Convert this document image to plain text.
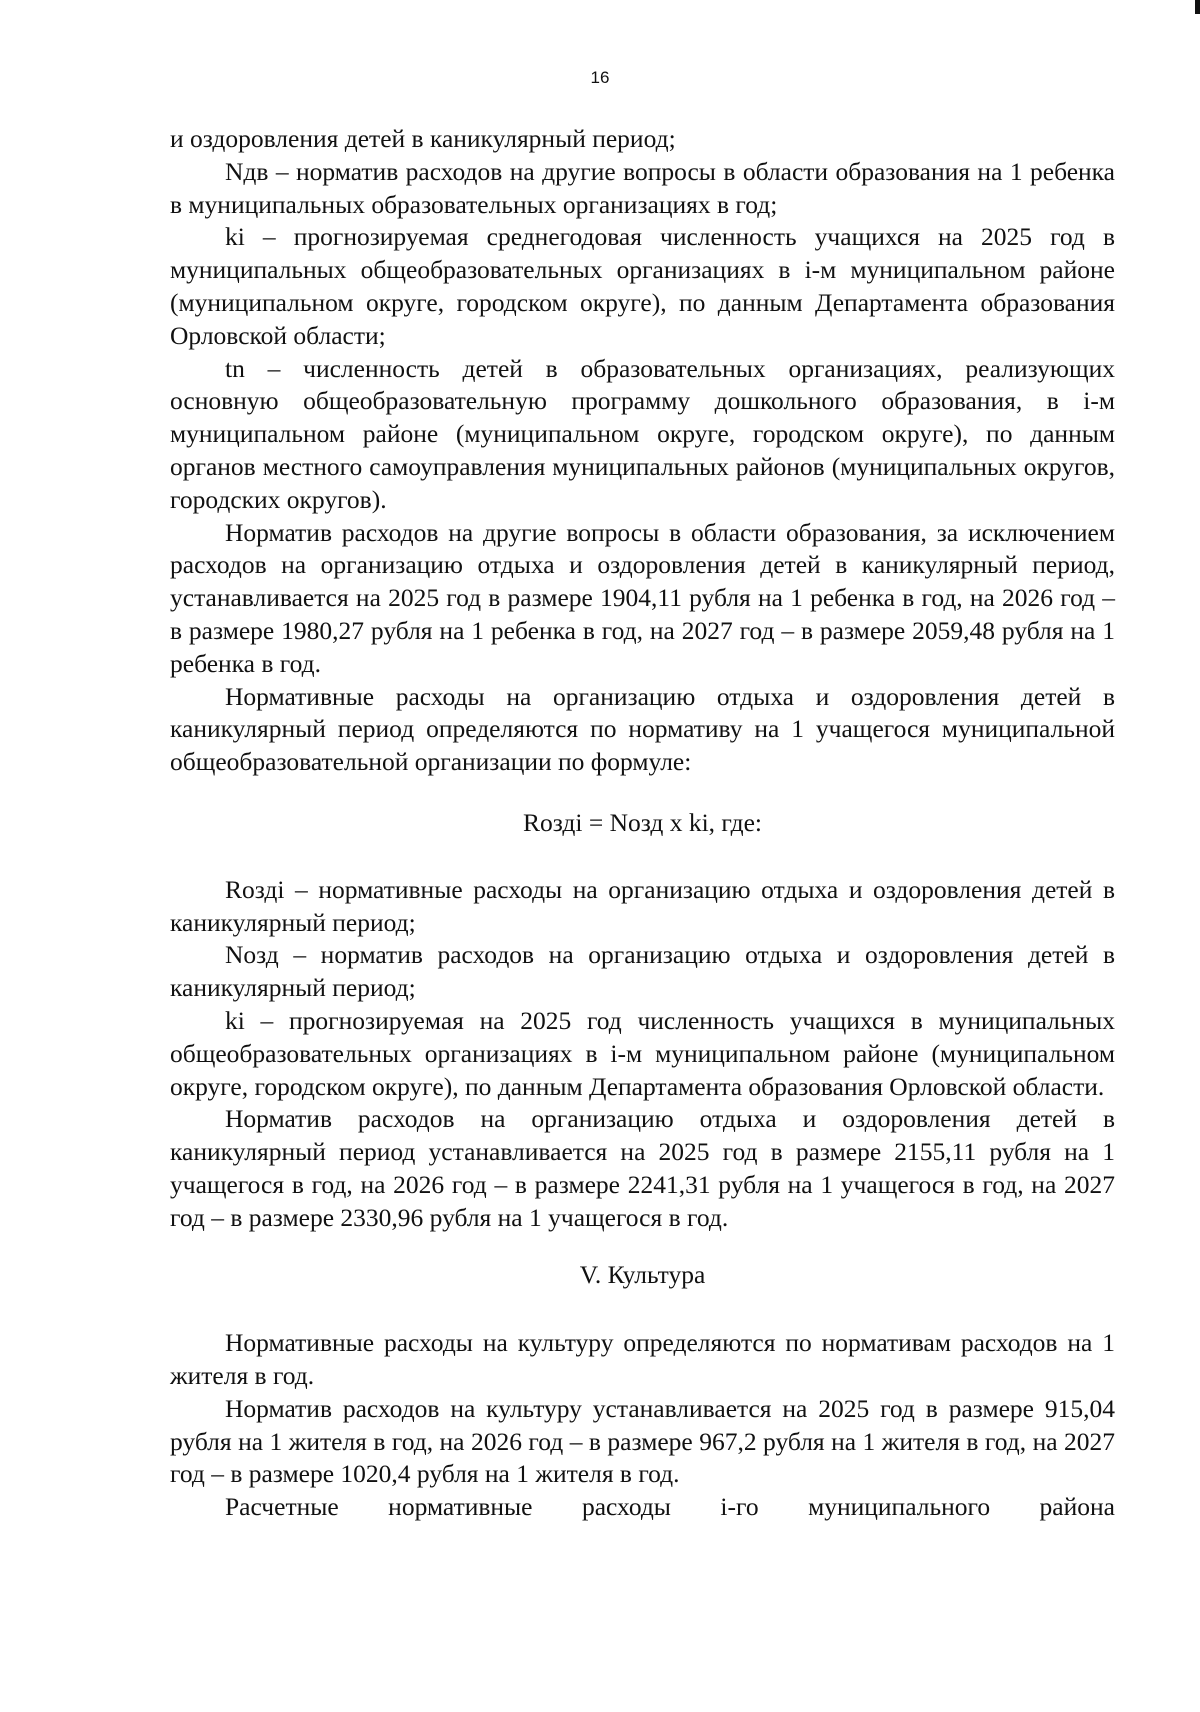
16

и оздоровления детей в каникулярный период;

Nдв – норматив расходов на другие вопросы в области образования на 1 ребенка в муниципальных образовательных организациях в год;

ki – прогнозируемая среднегодовая численность учащихся на 2025 год в муниципальных общеобразовательных организациях в i-м муниципальном районе (муниципальном округе, городском округе), по данным Департамента образования Орловской области;

tn – численность детей в образовательных организациях, реализующих основную общеобразовательную программу дошкольного образования, в i-м муниципальном районе (муниципальном округе, городском округе), по данным органов местного самоуправления муниципальных районов (муниципальных округов, городских округов).

Норматив расходов на другие вопросы в области образования, за исключением расходов на организацию отдыха и оздоровления детей в каникулярный период, устанавливается на 2025 год в размере 1904,11 рубля на 1 ребенка в год, на 2026 год – в размере 1980,27 рубля на 1 ребенка в год, на 2027 год – в размере 2059,48 рубля на 1 ребенка в год.

Нормативные расходы на организацию отдыха и оздоровления детей в каникулярный период определяются по нормативу на 1 учащегося муниципальной общеобразовательной организации по формуле:

Rоздi = Nозд x ki, где:

Rоздi – нормативные расходы на организацию отдыха и оздоровления детей в каникулярный период;

Nозд – норматив расходов на организацию отдыха и оздоровления детей в каникулярный период;

ki – прогнозируемая на 2025 год численность учащихся в муниципальных общеобразовательных организациях в i-м муниципальном районе (муниципальном округе, городском округе), по данным Департамента образования Орловской области.

Норматив расходов на организацию отдыха и оздоровления детей в каникулярный период устанавливается на 2025 год в размере 2155,11 рубля на 1 учащегося в год, на 2026 год – в размере 2241,31 рубля на 1 учащегося в год, на 2027 год – в размере 2330,96 рубля на 1 учащегося в год.

V. Культура

Нормативные расходы на культуру определяются по нормативам расходов на 1 жителя в год.

Норматив расходов на культуру устанавливается на 2025 год в размере 915,04 рубля на 1 жителя в год, на 2026 год – в размере 967,2 рубля на 1 жителя в год, на 2027 год – в размере 1020,4 рубля на 1 жителя в год.

Расчетные нормативные расходы i-го муниципального района
